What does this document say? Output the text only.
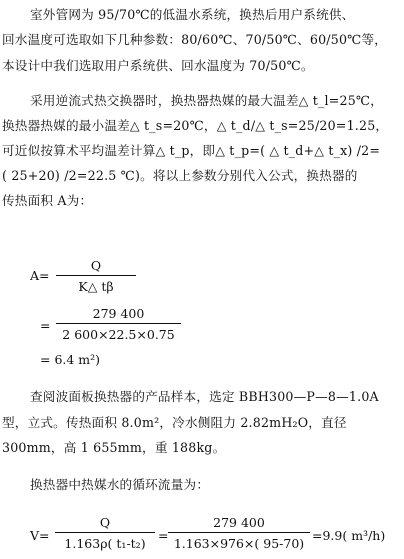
室外管网为 95/70℃的低温水系统，换热后用户系统供、
回水温度可选取如下几种参数：80/60℃、70/50℃、60/50℃等，
本设计中我们选取用户系统供、回水温度为 70/50℃。
采用逆流式热交换器时，换热器热媒的最大温差△ t_l=25℃，
换热器热媒的最小温差△ t_s=20℃，△ t_d/△ t_s=25/20=1.25，
可近似按算术平均温差计算△ t_p，即△ t_p=( △ t_d+△ t_x) /2=
( 25+20) /2=22.5 ℃)。将以上参数分别代入公式，换热器的
传热面积 A为：
A=
Q
K△ tβ
=
279 400
2 600×22.5×0.75
= 6.4 m²)
查阅波面板换热器的产品样本，选定 BBH300—P—8—1.0A
型，立式。传热面积 8.0m²，冷水侧阻力 2.82mH₂O，直径
300mm，高 1 655mm，重 188kg。
换热器中热媒水的循环流量为：
V=
Q
1.163ρ( t₁-t₂)
=
279 400
1.163×976×( 95-70)
=9.9( m³/h)
